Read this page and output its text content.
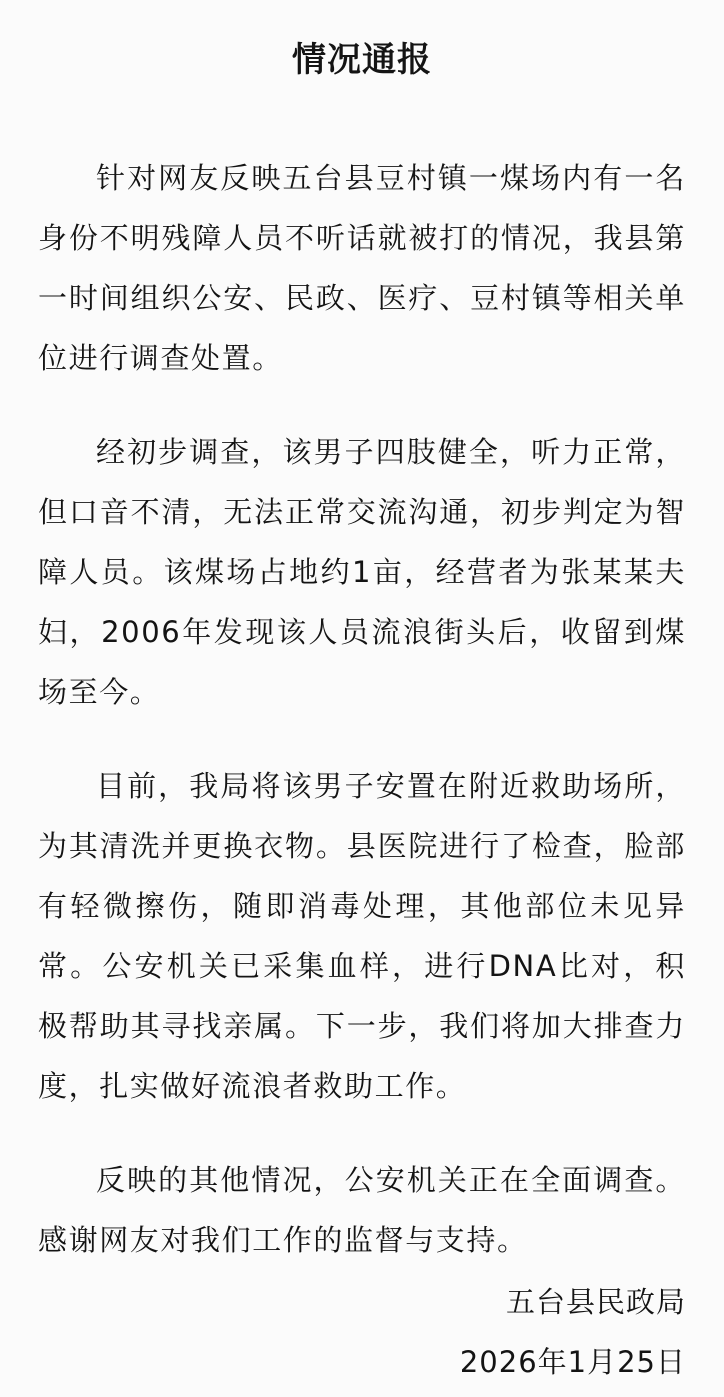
情况通报

针对网友反映五台县豆村镇一煤场内有一名身份不明残障人员不听话就被打的情况，我县第一时间组织公安、民政、医疗、豆村镇等相关单位进行调查处置。

经初步调查，该男子四肢健全，听力正常，但口音不清，无法正常交流沟通，初步判定为智障人员。该煤场占地约1亩，经营者为张某某夫妇，2006年发现该人员流浪街头后，收留到煤场至今。

目前，我局将该男子安置在附近救助场所，为其清洗并更换衣物。县医院进行了检查，脸部有轻微擦伤，随即消毒处理，其他部位未见异常。公安机关已采集血样，进行DNA比对，积极帮助其寻找亲属。下一步，我们将加大排查力度，扎实做好流浪者救助工作。

反映的其他情况，公安机关正在全面调查。感谢网友对我们工作的监督与支持。

五台县民政局
2026年1月25日
